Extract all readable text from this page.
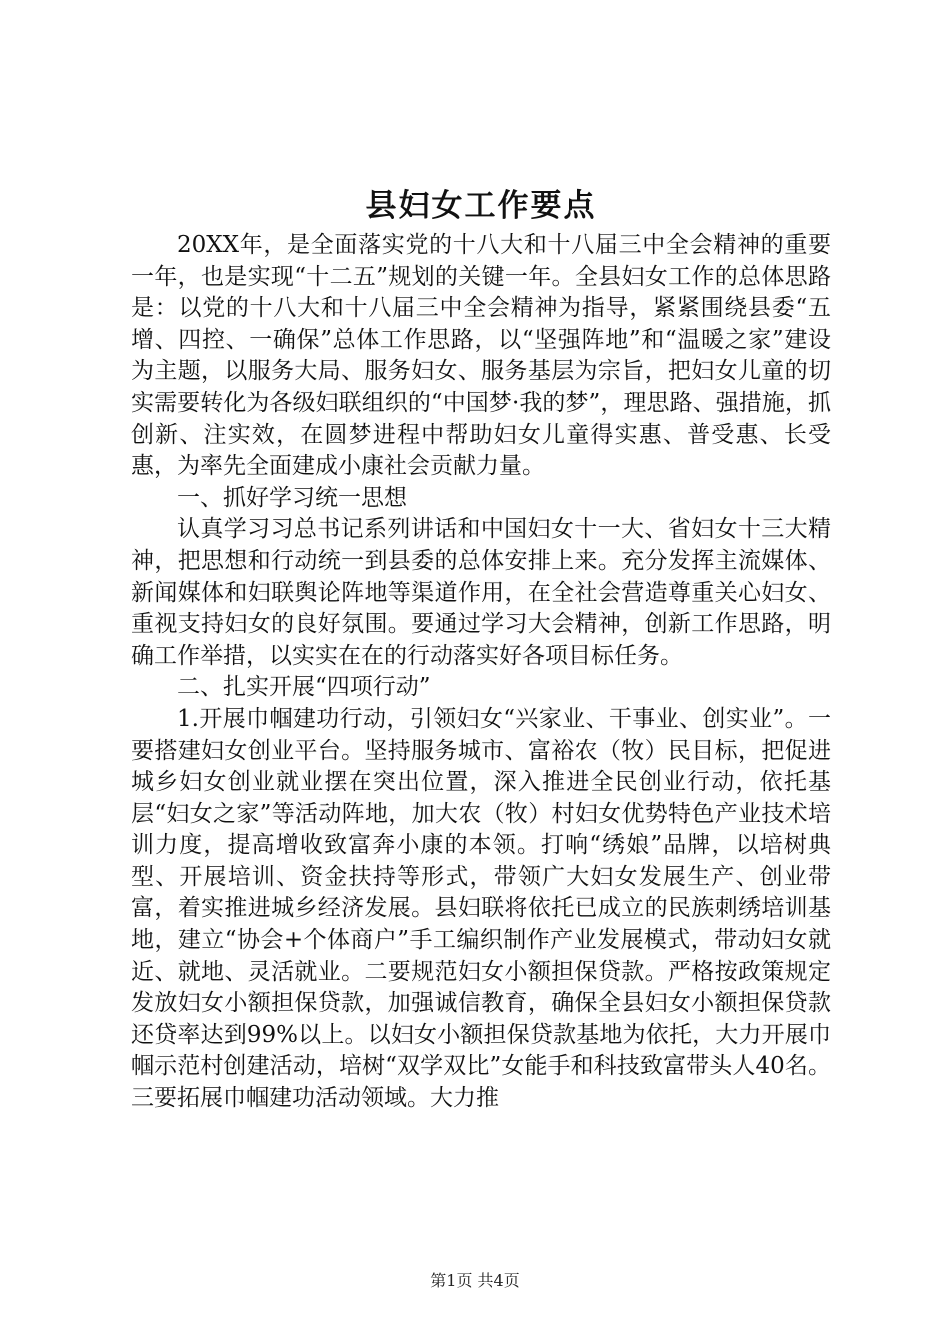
县妇女工作要点

20XX年，是全面落实党的十八大和十八届三中全会精神的重要一年，也是实现“十二五”规划的关键一年。全县妇女工作的总体思路是：以党的十八大和十八届三中全会精神为指导，紧紧围绕县委“五增、四控、一确保”总体工作思路，以“坚强阵地”和“温暖之家”建设为主题，以服务大局、服务妇女、服务基层为宗旨，把妇女儿童的切实需要转化为各级妇联组织的“中国梦·我的梦”，理思路、强措施，抓创新、注实效，在圆梦进程中帮助妇女儿童得实惠、普受惠、长受惠，为率先全面建成小康社会贡献力量。

一、抓好学习统一思想

认真学习习总书记系列讲话和中国妇女十一大、省妇女十三大精神，把思想和行动统一到县委的总体安排上来。充分发挥主流媒体、新闻媒体和妇联舆论阵地等渠道作用，在全社会营造尊重关心妇女、重视支持妇女的良好氛围。要通过学习大会精神，创新工作思路，明确工作举措，以实实在在的行动落实好各项目标任务。

二、扎实开展“四项行动”

1.开展巾帼建功行动，引领妇女“兴家业、干事业、创实业”。一要搭建妇女创业平台。坚持服务城市、富裕农（牧）民目标，把促进城乡妇女创业就业摆在突出位置，深入推进全民创业行动，依托基层“妇女之家”等活动阵地，加大农（牧）村妇女优势特色产业技术培训力度，提高增收致富奔小康的本领。打响“绣娘”品牌，以培树典型、开展培训、资金扶持等形式，带领广大妇女发展生产、创业带富，着实推进城乡经济发展。县妇联将依托已成立的民族刺绣培训基地，建立“协会+个体商户”手工编织制作产业发展模式，带动妇女就近、就地、灵活就业。二要规范妇女小额担保贷款。严格按政策规定发放妇女小额担保贷款，加强诚信教育，确保全县妇女小额担保贷款还贷率达到99%以上。以妇女小额担保贷款基地为依托，大力开展巾帼示范村创建活动，培树“双学双比”女能手和科技致富带头人40名。三要拓展巾帼建功活动领域。大力推

第1页 共4页
